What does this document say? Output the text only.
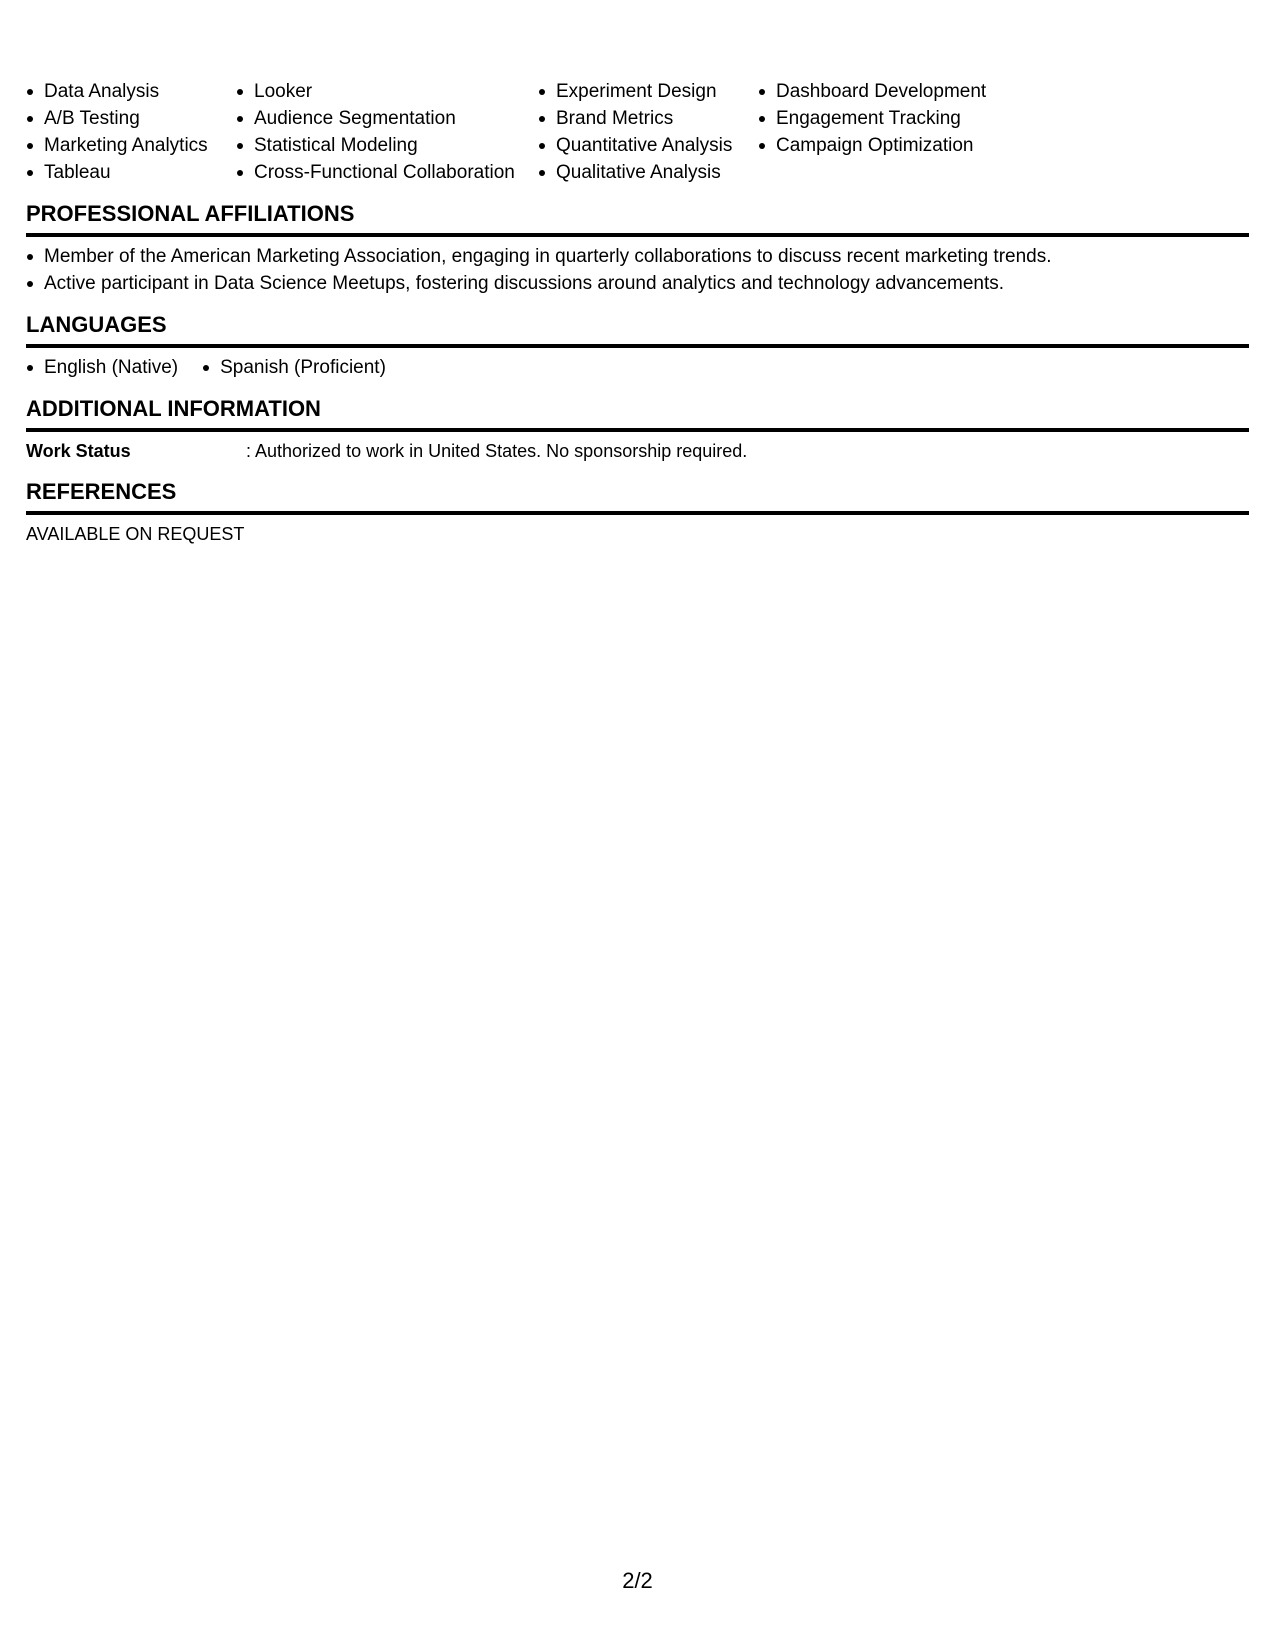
Data Analysis
A/B Testing
Marketing Analytics
Tableau
Looker
Audience Segmentation
Statistical Modeling
Cross-Functional Collaboration
Experiment Design
Brand Metrics
Quantitative Analysis
Qualitative Analysis
Dashboard Development
Engagement Tracking
Campaign Optimization
PROFESSIONAL AFFILIATIONS
Member of the American Marketing Association, engaging in quarterly collaborations to discuss recent marketing trends.
Active participant in Data Science Meetups, fostering discussions around analytics and technology advancements.
LANGUAGES
English (Native)	Spanish (Proficient)
ADDITIONAL INFORMATION
Work Status	: Authorized to work in United States. No sponsorship required.
REFERENCES
AVAILABLE ON REQUEST
2/2
